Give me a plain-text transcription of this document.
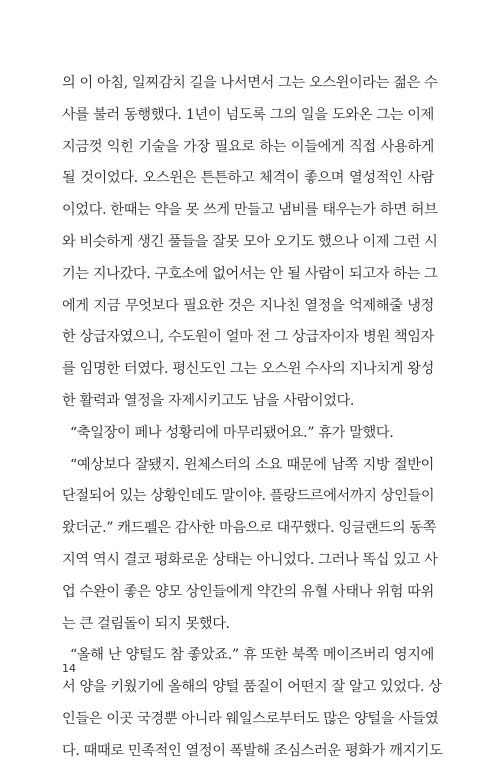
의 이 아침, 일찌감치 길을 나서면서 그는 오스윈이라는 젊은 수
사를 불러 동행했다. 1년이 넘도록 그의 일을 도와온 그는 이제
지금껏 익힌 기술을 가장 필요로 하는 이들에게 직접 사용하게
될 것이었다. 오스윈은 튼튼하고 체격이 좋으며 열성적인 사람
이었다. 한때는 약을 못 쓰게 만들고 냄비를 태우는가 하면 허브
와 비슷하게 생긴 풀들을 잘못 모아 오기도 했으나 이제 그런 시
기는 지나갔다. 구호소에 없어서는 안 될 사람이 되고자 하는 그
에게 지금 무엇보다 필요한 것은 지나친 열정을 억제해줄 냉정
한 상급자였으니, 수도원이 얼마 전 그 상급자이자 병원 책임자
를 임명한 터였다. 평신도인 그는 오스윈 수사의 지나치게 왕성
한 활력과 열정을 자제시키고도 남을 사람이었다.
“축일장이 페나 성황리에 마무리됐어요.” 휴가 말했다.
“예상보다 잘됐지. 윈체스터의 소요 때문에 남쪽 지방 절반이
단절되어 있는 상황인데도 말이야. 플랑드르에서까지 상인들이
왔더군.” 캐드펠은 감사한 마음으로 대꾸했다. 잉글랜드의 동쪽
지역 역시 결코 평화로운 상태는 아니었다. 그러나 똑십 있고 사
업 수완이 좋은 양모 상인들에게 약간의 유혈 사태나 위험 따위
는 큰 걸림돌이 되지 못했다.
“올해 난 양털도 참 좋았죠.” 휴 또한 북쪽 메이즈버리 영지에
서 양을 키웠기에 올해의 양털 품질이 어떤지 잘 알고 있었다. 상
인들은 이곳 국경뿐 아니라 웨일스로부터도 많은 양털을 사들였
다. 때때로 민족적인 열정이 폭발해 조심스러운 평화가 깨지기도
14
